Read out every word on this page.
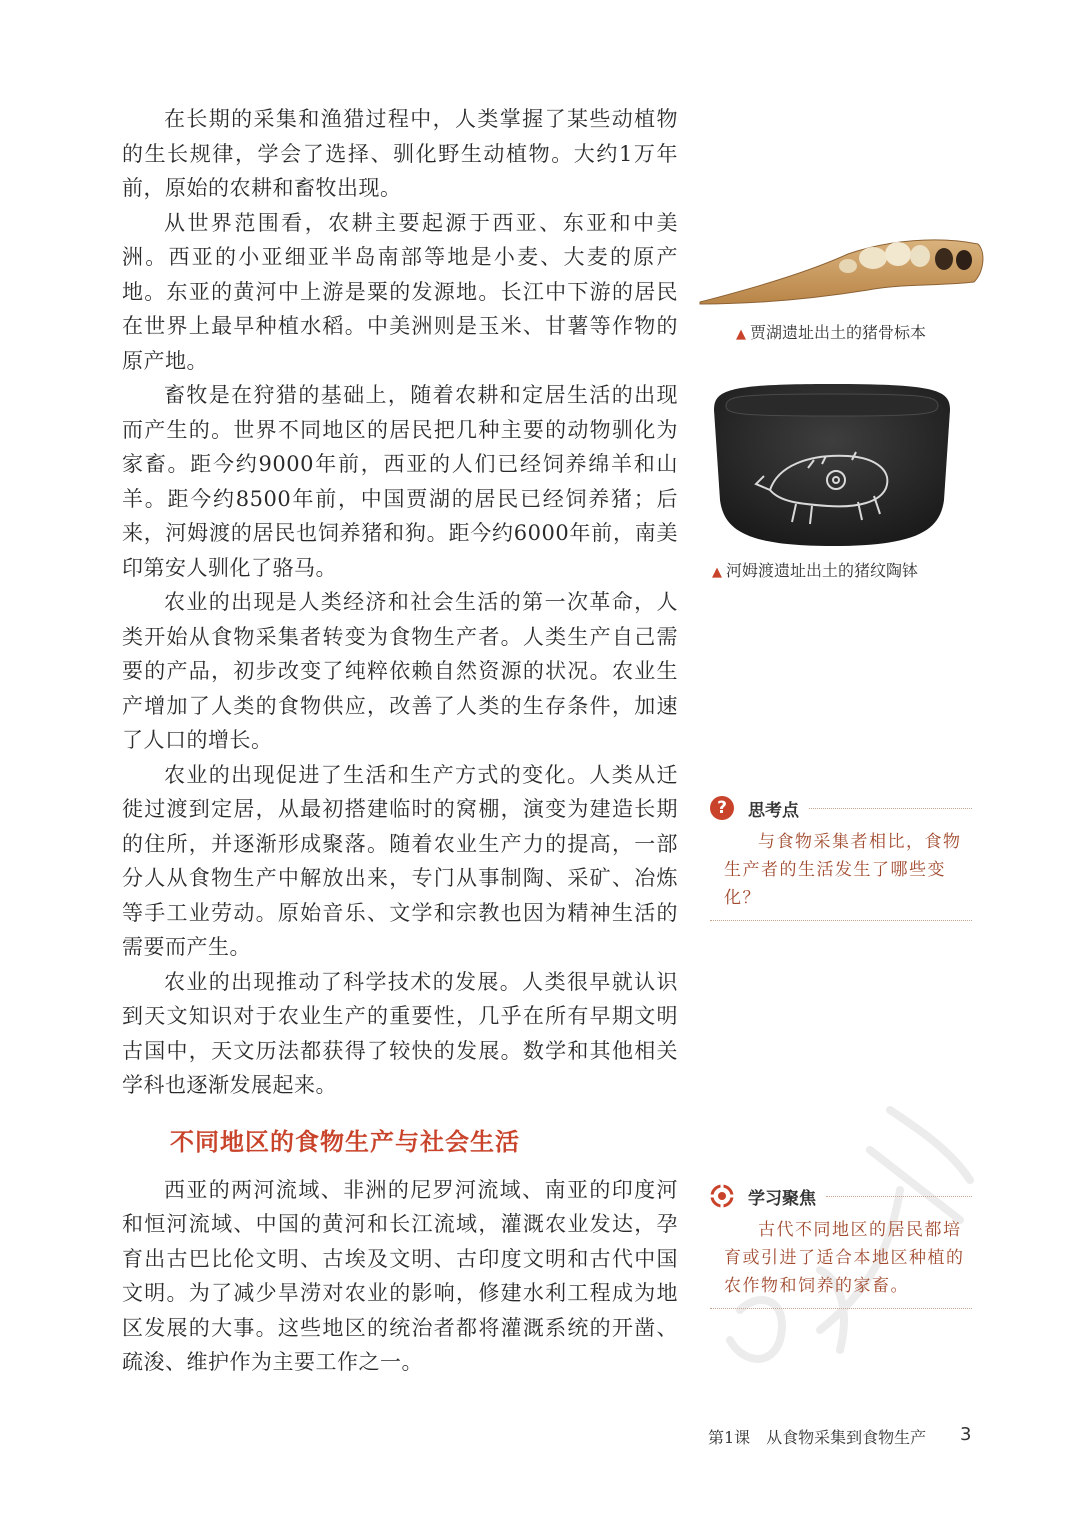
在长期的采集和渔猎过程中，人类掌握了某些动植物的生长规律，学会了选择、驯化野生动植物。大约1万年前，原始的农耕和畜牧出现。

从世界范围看，农耕主要起源于西亚、东亚和中美洲。西亚的小亚细亚半岛南部等地是小麦、大麦的原产地。东亚的黄河中上游是粟的发源地。长江中下游的居民在世界上最早种植水稻。中美洲则是玉米、甘薯等作物的原产地。

畜牧是在狩猎的基础上，随着农耕和定居生活的出现而产生的。世界不同地区的居民把几种主要的动物驯化为家畜。距今约9000年前，西亚的人们已经饲养绵羊和山羊。距今约8500年前，中国贾湖的居民已经饲养猪；后来，河姆渡的居民也饲养猪和狗。距今约6000年前，南美印第安人驯化了骆马。

农业的出现是人类经济和社会生活的第一次革命，人类开始从食物采集者转变为食物生产者。人类生产自己需要的产品，初步改变了纯粹依赖自然资源的状况。农业生产增加了人类的食物供应，改善了人类的生存条件，加速了人口的增长。

农业的出现促进了生活和生产方式的变化。人类从迁徙过渡到定居，从最初搭建临时的窝棚，演变为建造长期的住所，并逐渐形成聚落。随着农业生产力的提高，一部分人从食物生产中解放出来，专门从事制陶、采矿、冶炼等手工业劳动。原始音乐、文学和宗教也因为精神生活的需要而产生。

农业的出现推动了科学技术的发展。人类很早就认识到天文知识对于农业生产的重要性，几乎在所有早期文明古国中，天文历法都获得了较快的发展。数学和其他相关学科也逐渐发展起来。

不同地区的食物生产与社会生活

西亚的两河流域、非洲的尼罗河流域、南亚的印度河和恒河流域、中国的黄河和长江流域，灌溉农业发达，孕育出古巴比伦文明、古埃及文明、古印度文明和古代中国文明。为了减少旱涝对农业的影响，修建水利工程成为地区发展的大事。这些地区的统治者都将灌溉系统的开凿、疏浚、维护作为主要工作之一。

▲ 贾湖遗址出土的猪骨标本
▲ 河姆渡遗址出土的猪纹陶钵
?	思考点
与食物采集者相比，食物生产者的生活发生了哪些变化？
学习聚焦
古代不同地区的居民都培育或引进了适合本地区种植的农作物和饲养的家畜。
第1课　从食物采集到食物生产 3
